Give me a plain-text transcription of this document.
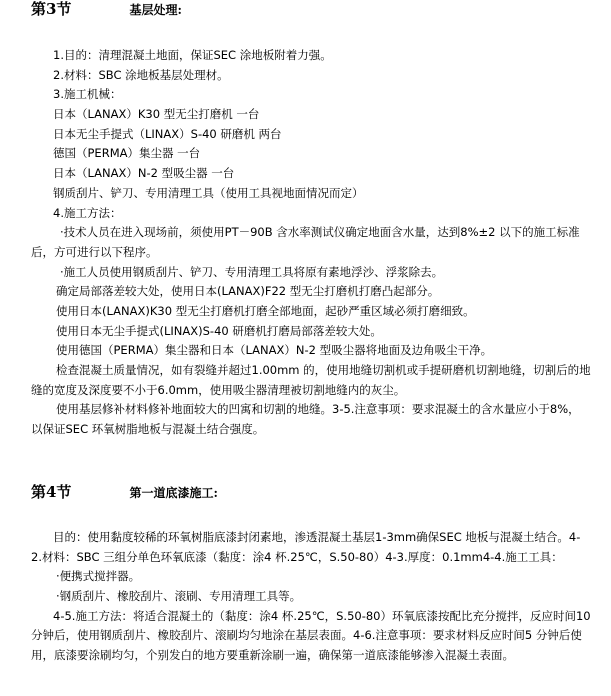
第3节	基层处理:
1.目的：清理混凝土地面，保证SEC 涂地板附着力强。
2.材料：SBC 涂地板基层处理材。
3.施工机械：
日本（LANAX）K30 型无尘打磨机 一台
日本无尘手提式（LINAX）S-40 研磨机 两台
德国（PERMA）集尘器 一台
日本（LANAX）N-2 型吸尘器 一台
钢质刮片、铲刀、专用清理工具（使用工具视地面情况而定）
4.施工方法：
·技术人员在进入现场前，须使用PT－90B 含水率测试仪确定地面含水量，达到8%±2 以下的施工标准后，方可进行以下程序。
·施工人员使用钢质刮片、铲刀、专用清理工具将原有素地浮沙、浮浆除去。
确定局部落差较大处，使用日本(LANAX)F22 型无尘打磨机打磨凸起部分。
使用日本(LANAX)K30 型无尘打磨机打磨全部地面，起砂严重区域必须打磨细致。
使用日本无尘手提式(LINAX)S-40 研磨机打磨局部落差较大处。
使用德国（PERMA）集尘器和日本（LANAX）N-2 型吸尘器将地面及边角吸尘干净。
检查混凝土质量情况，如有裂缝并超过1.00mm 的，使用地缝切割机或手提研磨机切割地缝，切割后的地缝的宽度及深度要不小于6.0mm，使用吸尘器清理被切割地缝内的灰尘。
使用基层修补材料修补地面较大的凹寓和切割的地缝。3-5.注意事项：要求混凝土的含水量应小于8%，以保证SEC 环氧树脂地板与混凝土结合强度。
第4节	第一道底漆施工:
目的：使用黏度较稀的环氧树脂底漆封闭素地，渗透混凝土基层1-3mm确保SEC 地板与混凝土结合。4-2.材料：SBC 三组分单色环氧底漆（黏度：涂4 杯.25℃，S.50-80）4-3.厚度：0.1mm4-4.施工工具：
·便携式搅拌器。
·钢质刮片、橡胶刮片、滚刷、专用清理工具等。
4-5.施工方法：将适合混凝土的（黏度：涂4 杯.25℃，S.50-80）环氧底漆按配比充分搅拌，反应时间10 分钟后，使用钢质刮片、橡胶刮片、滚刷均匀地涂在基层表面。4-6.注意事项：要求材料反应时间5 分钟后使用，底漆要涂刷均匀，个别发白的地方要重新涂刷一遍，确保第一道底漆能够渗入混凝土表面。
